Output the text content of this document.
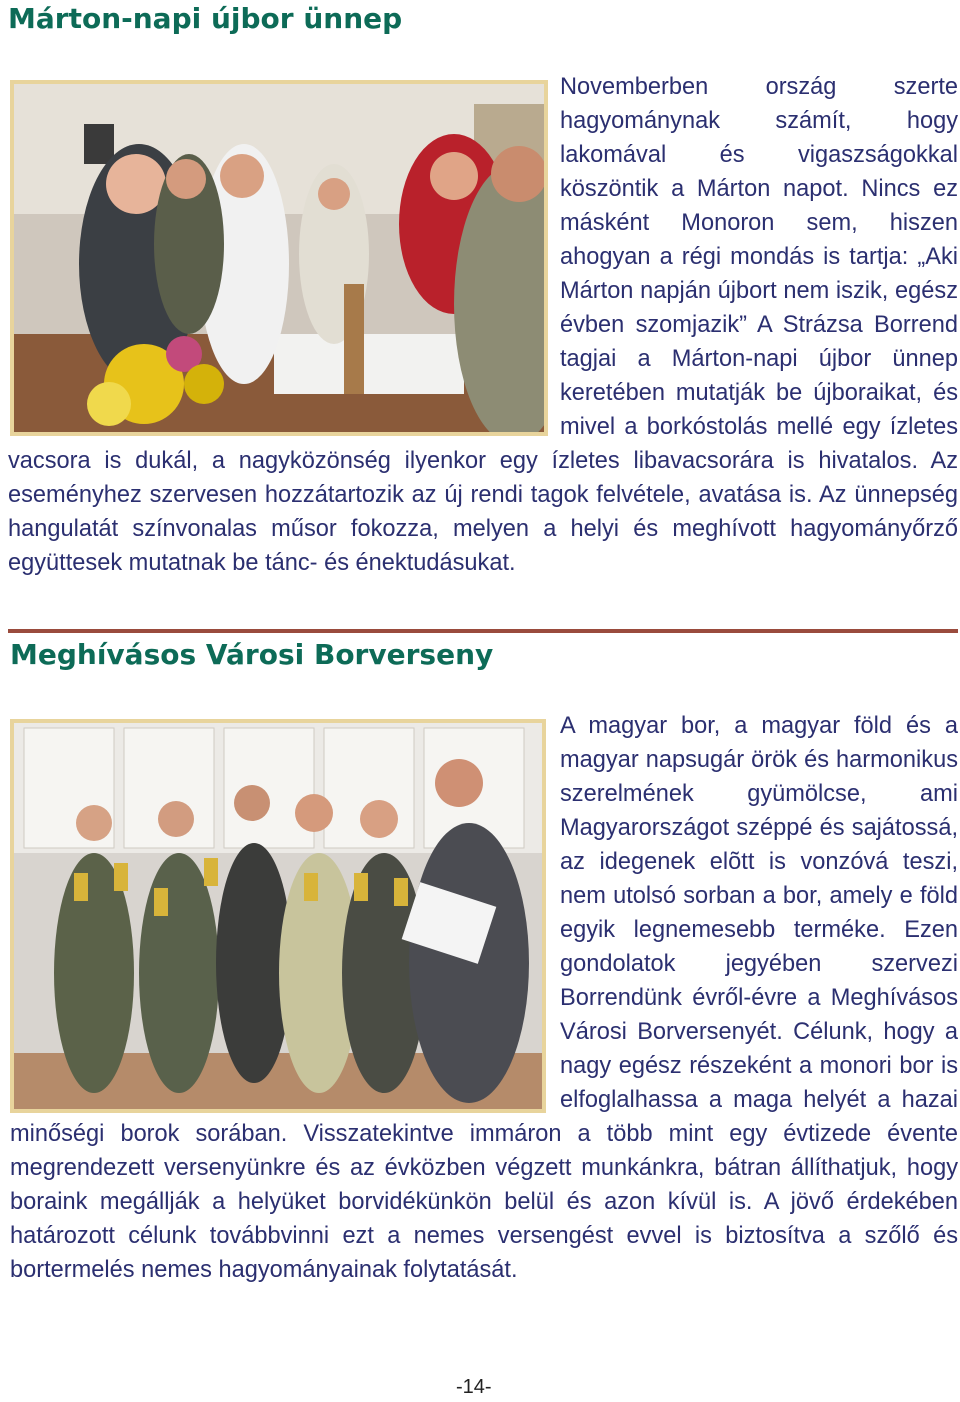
Márton-napi újbor ünnep

Novemberben ország szerte hagyománynak számít, hogy lakomával és vigaszságokkal köszöntik a Márton napot. Nincs ez másként Monoron sem, hiszen ahogyan a régi mondás is tartja: „Aki Márton napján újbort nem iszik, egész évben szomjazik” A Strázsa Borrend tagjai a Márton-napi újbor ünnep keretében mutatják be újboraikat, és mivel a borkóstolás mellé egy ízletes vacsora is dukál, a nagyközönség ilyenkor egy ízletes libavacsorára is hivatalos. Az eseményhez szervesen hozzátartozik az új rendi tagok felvétele, avatása is. Az ünnepség hangulatát színvonalas műsor fokozza, melyen a helyi és meghívott hagyományőrző együttesek mutatnak be tánc- és énektudásukat.

Meghívásos Városi Borverseny

A magyar bor, a magyar föld és a magyar napsugár örök és harmonikus szerelmének gyümölcse, ami Magyarországot széppé és sajátossá, az idegenek elõtt is vonzóvá teszi, nem utolsó sorban a bor, amely e föld egyik legnemesebb terméke. Ezen gondolatok jegyében szervezi Borrendünk évről-évre a Meghívásos Városi Borversenyét. Célunk, hogy a nagy egész részeként a monori bor is elfoglalhassa a maga helyét a hazai minőségi borok sorában. Visszatekintve immáron a több mint egy évtizede évente megrendezett versenyünkre és az évközben végzett munkánkra, bátran állíthatjuk, hogy boraink megállják a helyüket borvidékünkön belül és azon kívül is. A jövő érdekében határozott célunk továbbvinni ezt a nemes versengést evvel is biztosítva a szőlő és bortermelés nemes hagyományainak folytatását.

-14-
